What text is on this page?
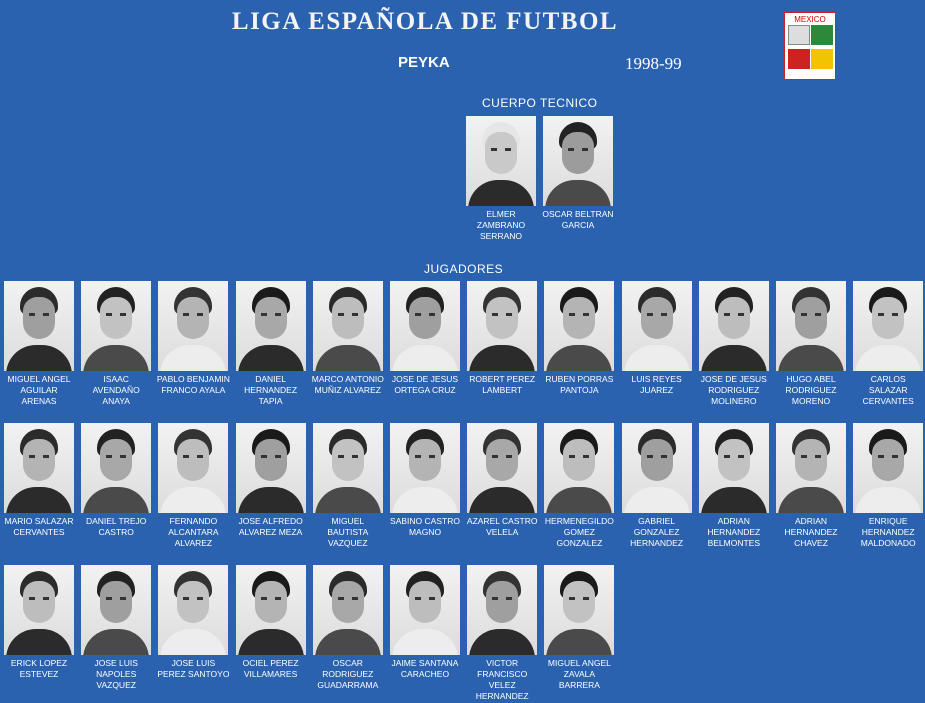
LIGA ESPAÑOLA DE FUTBOL
PEYKA	1998-99
MEXICO
CUERPO TECNICO
ELMER ZAMBRANO SERRANO
OSCAR BELTRAN GARCIA
JUGADORES
MIGUEL ANGEL AGUILAR ARENAS
ISAAC AVENDAÑO ANAYA
PABLO BENJAMIN FRANCO AYALA
DANIEL HERNANDEZ TAPIA
MARCO ANTONIO MUÑIZ ALVAREZ
JOSE DE JESUS ORTEGA CRUZ
ROBERT PEREZ LAMBERT
RUBEN PORRAS PANTOJA
LUIS REYES JUAREZ
JOSE DE JESUS RODRIGUEZ MOLINERO
HUGO ABEL RODRIGUEZ MORENO
CARLOS SALAZAR CERVANTES
MARIO SALAZAR CERVANTES
DANIEL TREJO CASTRO
FERNANDO ALCANTARA ALVAREZ
JOSE ALFREDO ALVAREZ MEZA
MIGUEL BAUTISTA VAZQUEZ
SABINO CASTRO MAGNO
AZAREL CASTRO VELELA
HERMENEGILDO GOMEZ GONZALEZ
GABRIEL GONZALEZ HERNANDEZ
ADRIAN HERNANDEZ BELMONTES
ADRIAN HERNANDEZ CHAVEZ
ENRIQUE HERNANDEZ MALDONADO
ERICK LOPEZ ESTEVEZ
JOSE LUIS NAPOLES VAZQUEZ
JOSE LUIS PEREZ SANTOYO
OCIEL PEREZ VILLAMARES
OSCAR RODRIGUEZ GUADARRAMA
JAIME SANTANA CARACHEO
VICTOR FRANCISCO VELEZ HERNANDEZ
MIGUEL ANGEL ZAVALA BARRERA
